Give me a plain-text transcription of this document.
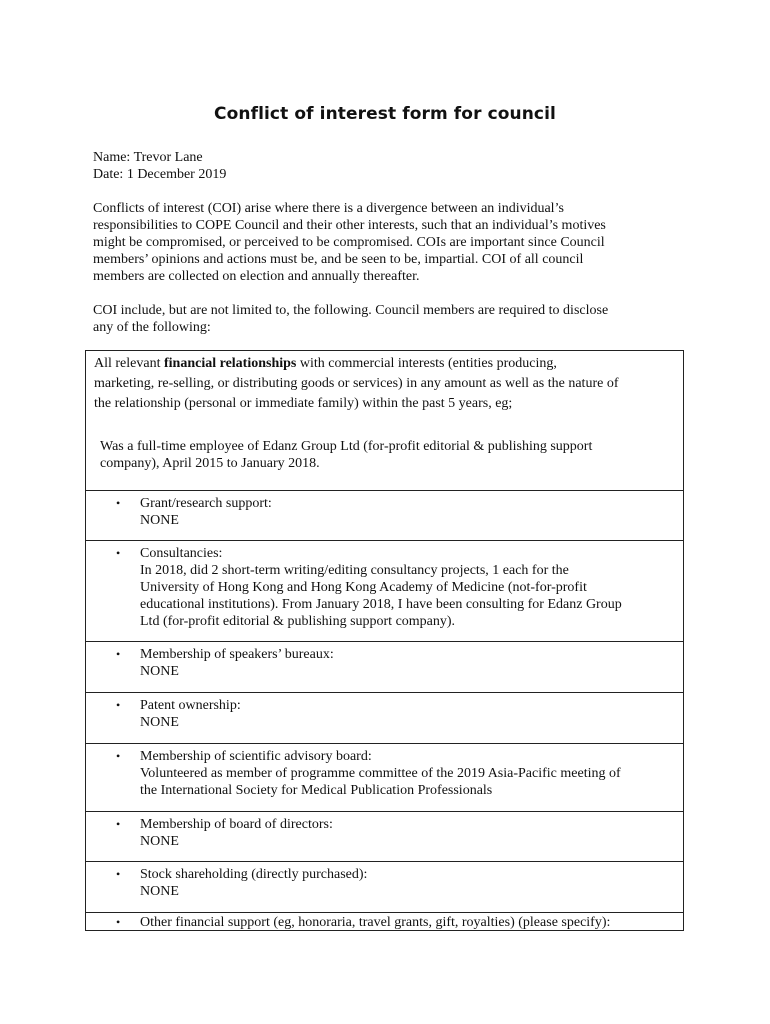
Conflict of interest form for council
Name: Trevor Lane
Date: 1 December 2019
Conflicts of interest (COI) arise where there is a divergence between an individual’s
responsibilities to COPE Council and their other interests, such that an individual’s motives
might be compromised, or perceived to be compromised. COIs are important since Council
members’ opinions and actions must be, and be seen to be, impartial. COI of all council
members are collected on election and annually thereafter.
COI include, but are not limited to, the following. Council members are required to disclose
any of the following:
All relevant financial relationships with commercial interests (entities producing,
marketing, re-selling, or distributing goods or services) in any amount as well as the nature of
the relationship (personal or immediate family) within the past 5 years, eg;
Was a full-time employee of Edanz Group Ltd (for-profit editorial & publishing support
company), April 2015 to January 2018.
• Grant/research support:
NONE
• Consultancies:
In 2018, did 2 short-term writing/editing consultancy projects, 1 each for the
University of Hong Kong and Hong Kong Academy of Medicine (not-for-profit
educational institutions). From January 2018, I have been consulting for Edanz Group
Ltd (for-profit editorial & publishing support company).
• Membership of speakers’ bureaux:
NONE
• Patent ownership:
NONE
• Membership of scientific advisory board:
Volunteered as member of programme committee of the 2019 Asia-Pacific meeting of
the International Society for Medical Publication Professionals
• Membership of board of directors:
NONE
• Stock shareholding (directly purchased):
NONE
• Other financial support (eg, honoraria, travel grants, gift, royalties) (please specify):
